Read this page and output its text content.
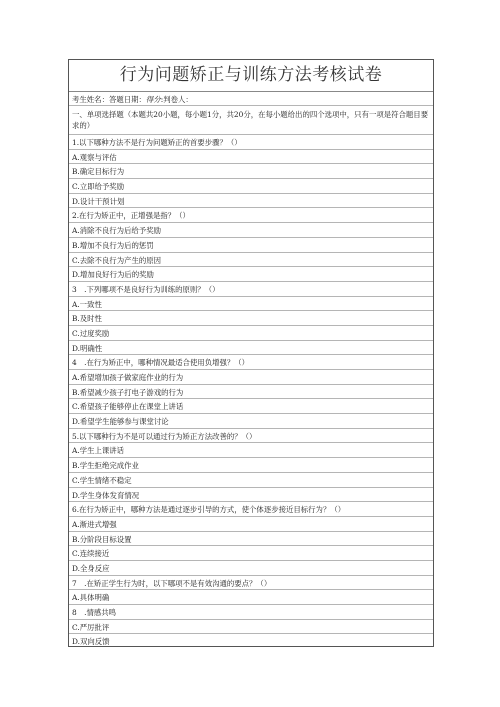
行为问题矫正与训练方法考核试卷
考生姓名：答题日期：得分:判卷人：
一、单项选择题（本题共20小题，每小题1分，共20分，在每小题给出的四个选项中，只有一项是符合题目要求的）
1.以下哪种方法不是行为问题矫正的首要步骤？（）
A.观察与评估
B.确定目标行为
C.立即给予奖励
D.设计干预计划
2.在行为矫正中，正增强是指？（）
A.消除不良行为后给予奖励
B.增加不良行为后的惩罚
C.去除不良行为产生的原因
D.增加良好行为后的奖励
3　.下列哪项不是良好行为训练的原则？（）
A.一致性
B.及时性
C.过度奖励
D.明确性
4　.在行为矫正中，哪种情况最适合使用负增强？（）
A.希望增加孩子做家庭作业的行为
B.希望减少孩子打电子游戏的行为
C.希望孩子能够停止在课堂上讲话
D.希望学生能够参与课堂讨论
5.以下哪种行为不是可以通过行为矫正方法改善的？（）
A.学生上课讲话
B.学生拒绝完成作业
C.学生情绪不稳定
D.学生身体发育情况
6.在行为矫正中，哪种方法是通过逐步引导的方式，使个体逐步接近目标行为？（）
A.渐进式增强
B.分阶段目标设置
C.连续接近
D.全身反应
7　.在矫正学生行为时，以下哪项不是有效沟通的要点？（）
A.具体明确
8　.情感共鸣
C.严厉批评
D.双向反馈
